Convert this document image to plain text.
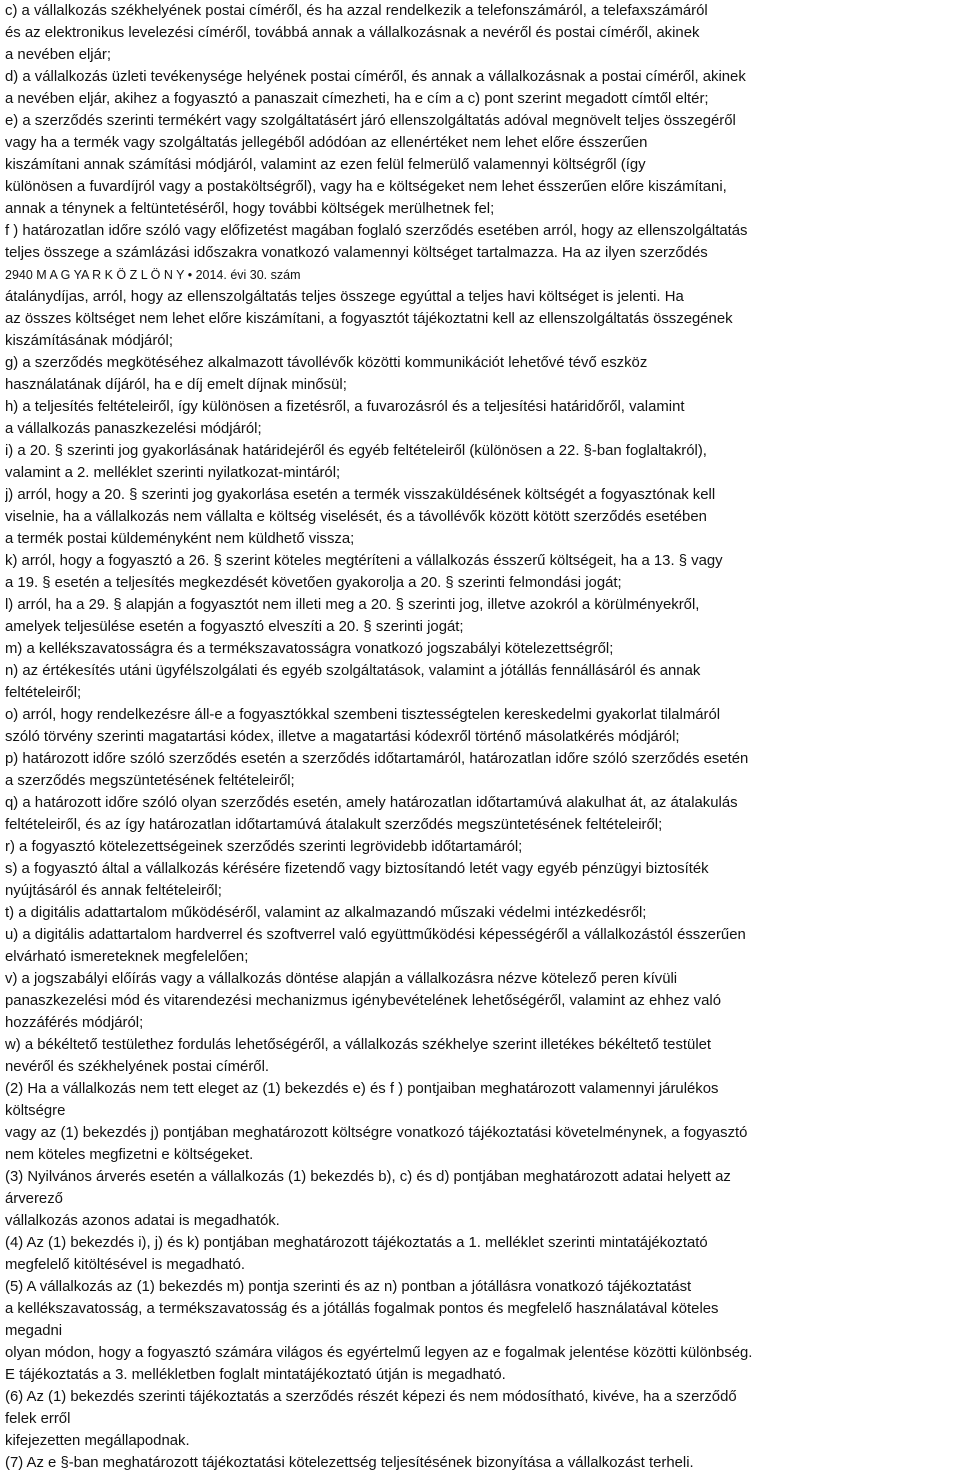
c) a vállalkozás székhelyének postai címéről, és ha azzal rendelkezik a telefonszámáról, a telefaxszámáról
és az elektronikus levelezési címéről, továbbá annak a vállalkozásnak a nevéről és postai címéről, akinek
a nevében eljár;
d) a vállalkozás üzleti tevékenysége helyének postai címéről, és annak a vállalkozásnak a postai címéről, akinek
a nevében eljár, akihez a fogyasztó a panaszait címezheti, ha e cím a c) pont szerint megadott címtől eltér;
e) a szerződés szerinti termékért vagy szolgáltatásért járó ellenszolgáltatás adóval megnövelt teljes összegéről
vagy ha a termék vagy szolgáltatás jellegéből adódóan az ellenértéket nem lehet előre ésszerűen
kiszámítani annak számítási módjáról, valamint az ezen felül felmerülő valamennyi költségről (így
különösen a fuvardíjról vagy a postaköltségről), vagy ha e költségeket nem lehet ésszerűen előre kiszámítani,
annak a ténynek a feltüntetéséről, hogy további költségek merülhetnek fel;
f ) határozatlan időre szóló vagy előfizetést magában foglaló szerződés esetében arról, hogy az ellenszolgáltatás
teljes összege a számlázási időszakra vonatkozó valamennyi költséget tartalmazza. Ha az ilyen szerződés
2940 M A G YA R K Ö Z L Ö N Y • 2014. évi 30. szám
átalánydíjas, arról, hogy az ellenszolgáltatás teljes összege egyúttal a teljes havi költséget is jelenti. Ha
az összes költséget nem lehet előre kiszámítani, a fogyasztót tájékoztatni kell az ellenszolgáltatás összegének
kiszámításának módjáról;
g) a szerződés megkötéséhez alkalmazott távollévők közötti kommunikációt lehetővé tévő eszköz
használatának díjáról, ha e díj emelt díjnak minősül;
h) a teljesítés feltételeiről, így különösen a fizetésről, a fuvarozásról és a teljesítési határidőről, valamint
a vállalkozás panaszkezelési módjáról;
i) a 20. § szerinti jog gyakorlásának határidejéről és egyéb feltételeiről (különösen a 22. §-ban foglaltakról),
valamint a 2. melléklet szerinti nyilatkozat-mintáról;
j) arról, hogy a 20. § szerinti jog gyakorlása esetén a termék visszaküldésének költségét a fogyasztónak kell
viselnie, ha a vállalkozás nem vállalta e költség viselését, és a távollévők között kötött szerződés esetében
a termék postai küldeményként nem küldhető vissza;
k) arról, hogy a fogyasztó a 26. § szerint köteles megtéríteni a vállalkozás ésszerű költségeit, ha a 13. § vagy
a 19. § esetén a teljesítés megkezdését követően gyakorolja a 20. § szerinti felmondási jogát;
l) arról, ha a 29. § alapján a fogyasztót nem illeti meg a 20. § szerinti jog, illetve azokról a körülményekről,
amelyek teljesülése esetén a fogyasztó elveszíti a 20. § szerinti jogát;
m) a kellékszavatosságra és a termékszavatosságra vonatkozó jogszabályi kötelezettségről;
n) az értékesítés utáni ügyfélszolgálati és egyéb szolgáltatások, valamint a jótállás fennállásáról és annak
feltételeiről;
o) arról, hogy rendelkezésre áll-e a fogyasztókkal szembeni tisztességtelen kereskedelmi gyakorlat tilalmáról
szóló törvény szerinti magatartási kódex, illetve a magatartási kódexről történő másolatkérés módjáról;
p) határozott időre szóló szerződés esetén a szerződés időtartamáról, határozatlan időre szóló szerződés esetén
a szerződés megszüntetésének feltételeiről;
q) a határozott időre szóló olyan szerződés esetén, amely határozatlan időtartamúvá alakulhat át, az átalakulás
feltételeiről, és az így határozatlan időtartamúvá átalakult szerződés megszüntetésének feltételeiről;
r) a fogyasztó kötelezettségeinek szerződés szerinti legrövidebb időtartamáról;
s) a fogyasztó által a vállalkozás kérésére fizetendő vagy biztosítandó letét vagy egyéb pénzügyi biztosíték
nyújtásáról és annak feltételeiről;
t) a digitális adattartalom működéséről, valamint az alkalmazandó műszaki védelmi intézkedésről;
u) a digitális adattartalom hardverrel és szoftverrel való együttműködési képességéről a vállalkozástól ésszerűen
elvárható ismereteknek megfelelően;
v) a jogszabályi előírás vagy a vállalkozás döntése alapján a vállalkozásra nézve kötelező peren kívüli
panaszkezelési mód és vitarendezési mechanizmus igénybevételének lehetőségéről, valamint az ehhez való
hozzáférés módjáról;
w) a békéltető testülethez fordulás lehetőségéről, a vállalkozás székhelye szerint illetékes békéltető testület
nevéről és székhelyének postai címéről.
(2) Ha a vállalkozás nem tett eleget az (1) bekezdés e) és f ) pontjaiban meghatározott valamennyi járulékos
költségre
vagy az (1) bekezdés j) pontjában meghatározott költségre vonatkozó tájékoztatási követelménynek, a fogyasztó
nem köteles megfizetni e költségeket.
(3) Nyilvános árverés esetén a vállalkozás (1) bekezdés b), c) és d) pontjában meghatározott adatai helyett az
árverező
vállalkozás azonos adatai is megadhatók.
(4) Az (1) bekezdés i), j) és k) pontjában meghatározott tájékoztatás a 1. melléklet szerinti mintatájékoztató
megfelelő kitöltésével is megadható.
(5) A vállalkozás az (1) bekezdés m) pontja szerinti és az n) pontban a jótállásra vonatkozó tájékoztatást
a kellékszavatosság, a termékszavatosság és a jótállás fogalmak pontos és megfelelő használatával köteles
megadni
olyan módon, hogy a fogyasztó számára világos és egyértelmű legyen az e fogalmak jelentése közötti különbség.
E tájékoztatás a 3. mellékletben foglalt mintatájékoztató útján is megadható.
(6) Az (1) bekezdés szerinti tájékoztatás a szerződés részét képezi és nem módosítható, kivéve, ha a szerződő
felek erről
kifejezetten megállapodnak.
(7) Az e §-ban meghatározott tájékoztatási kötelezettség teljesítésének bizonyítása a vállalkozást terheli.
